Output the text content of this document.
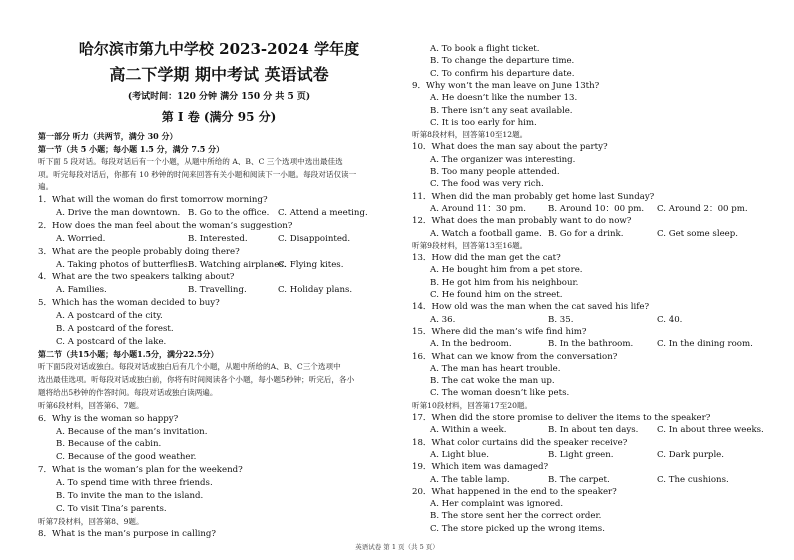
哈尔滨市第九中学校 2023-2024 学年度
高二下学期 期中考试 英语试卷
(考试时间：120 分钟 满分 150 分 共 5 页)
第 I 卷 (满分 95 分)
第一部分 听力（共两节，满分 30 分）
第一节（共 5 小题；每小题 1.5 分，满分 7.5 分）
听下面 5 段对话。每段对话后有一个小题，从题中所给的 A、B、C 三个选项中选出最佳选
项。听完每段对话后，你都有 10 秒钟的时间来回答有关小题和阅读下一小题。每段对话仅读一
遍。
1．What will the woman do first tomorrow morning?
A. Drive the man downtown. B. Go to the office. C. Attend a meeting.
2．How does the man feel about the woman’s suggestion?
A. Worried.	B. Interested.	C. Disappointed.
3．What are the people probably doing there?
A. Taking photos of butterflies.
B. Watching airplanes.
C. Flying kites.
4．What are the two speakers talking about?
A. Families.	B. Travelling.	C. Holiday plans.
5．Which has the woman decided to buy?
A. A postcard of the city.
B. A postcard of the forest.
C. A postcard of the lake.
第二节（共15小题；每小题1.5分，满分22.5分）
听下面5段对话或独白。每段对话或独白后有几个小题，从题中所给的A、B、C三个选项中
选出最佳选项。听每段对话或独白前，你将有时间阅读各个小题，每小题5秒钟；听完后，各小
题将给出5秒钟的作答时间。每段对话或独白读两遍。
听第6段材料，回答第6、7题。
6．Why is the woman so happy?
A. Because of the man’s invitation.
B. Because of the cabin.
C. Because of the good weather.
7．What is the woman’s plan for the weekend?
A. To spend time with three friends.
B. To invite the man to the island.
C. To visit Tina’s parents.
听第7段材料，回答第8、9题。
8．What is the man’s purpose in calling?
A. To book a flight ticket.
B. To change the departure time.
C. To confirm his departure date.
9．Why won’t the man leave on June 13th?
A. He doesn’t like the number 13.
B. There isn’t any seat available.
C. It is too early for him.
听第8段材料，回答第10至12题。
10．What does the man say about the party?
A. The organizer was interesting.
B. Too many people attended.
C. The food was very rich.
11．When did the man probably get home last Sunday?
A. Around 11：30 pm.	B. Around 10：00 pm. C. Around 2：00 pm.
12．What does the man probably want to do now?
A. Watch a football game. B. Go for a drink.	C. Get some sleep.
听第9段材料，回答第13至16题。
13．How did the man get the cat?
A. He bought him from a pet store.
B. He got him from his neighbour.
C. He found him on the street.
14．How old was the man when the cat saved his life?
A. 36.	B. 35.	C. 40.
15．Where did the man’s wife find him?
A. In the bedroom.	B. In the bathroom.	C. In the dining room.
16．What can we know from the conversation?
A. The man has heart trouble.
B. The cat woke the man up.
C. The woman doesn’t like pets.
听第10段材料，回答第17至20题。
17．When did the store promise to deliver the items to the speaker?
A. Within a week.	B. In about ten days. C. In about three weeks.
18．What color curtains did the speaker receive?
A. Light blue.	B. Light green.	C. Dark purple.
19．Which item was damaged?
A. The table lamp.	B. The carpet.	C. The cushions.
20．What happened in the end to the speaker?
A. Her complaint was ignored.
B. The store sent her the correct order.
C. The store picked up the wrong items.
英语试卷 第 1 页（共 5 页）
